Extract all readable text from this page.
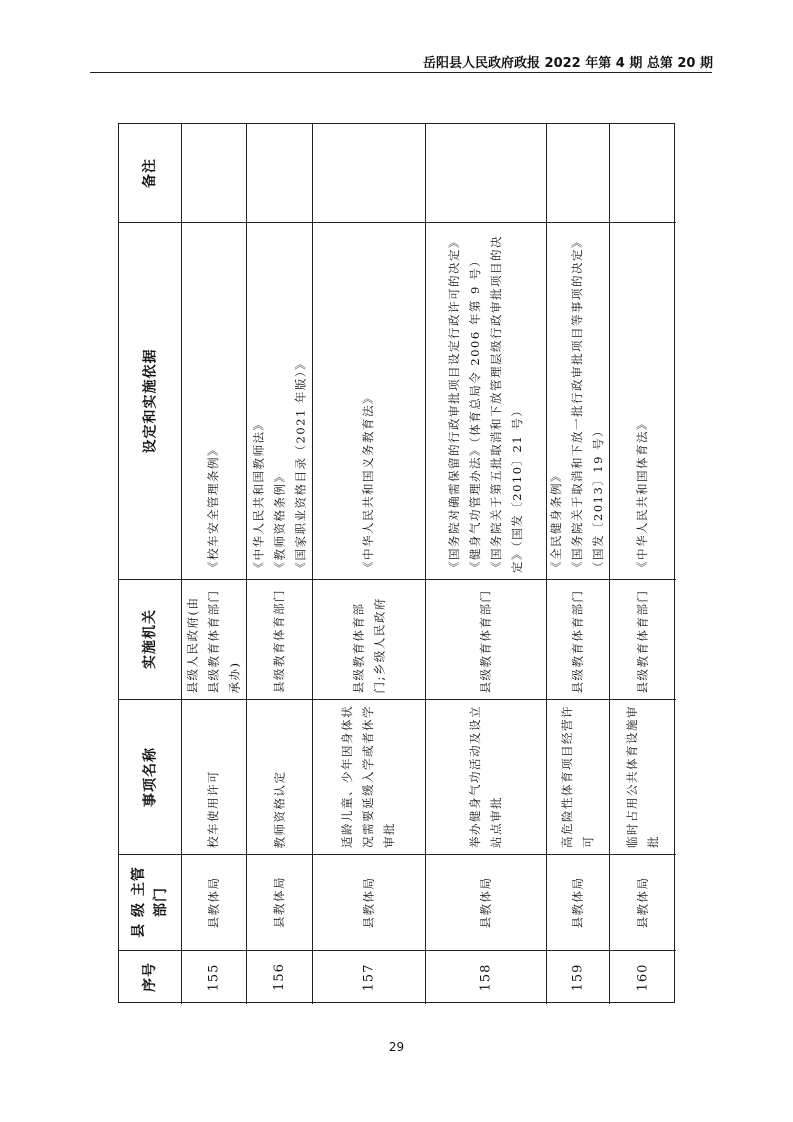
岳阳县人民政府政报 2022 年第 4 期 总第 20 期
备注
设定和实施依据
实施机关
事项名称
县 级 主管部门
序号
《校车安全管理条例》
县级人民政府(由县级教育体育部门承办)
校车使用许可
县教体局
155
《中华人民共和国教师法》 《教师资格条例》 《国家职业资格目录（2021 年版）》
县级教育体育部门
教师资格认定
县教体局
156
《中华人民共和国义务教育法》
县级教育体育部门;乡级人民政府
适龄儿童、少年因身体状况需要延缓入学或者休学审批
县教体局
157
《国务院对确需保留的行政审批项目设定行政许可的决定》 《健身气功管理办法》（体育总局令 2006 年第 9 号） 《国务院关于第五批取消和下放管理层级行政审批项目的决定》（国发〔2010〕21 号）
县级教育体育部门
举办健身气功活动及设立站点审批
县教体局
158
《全民健身条例》 《国务院关于取消和下放一批行政审批项目等事项的决定》（国发〔2013〕19 号）
县级教育体育部门
高危险性体育项目经营许可
县教体局
159
《中华人民共和国体育法》
县级教育体育部门
临时占用公共体育设施审批
县教体局
160
29
